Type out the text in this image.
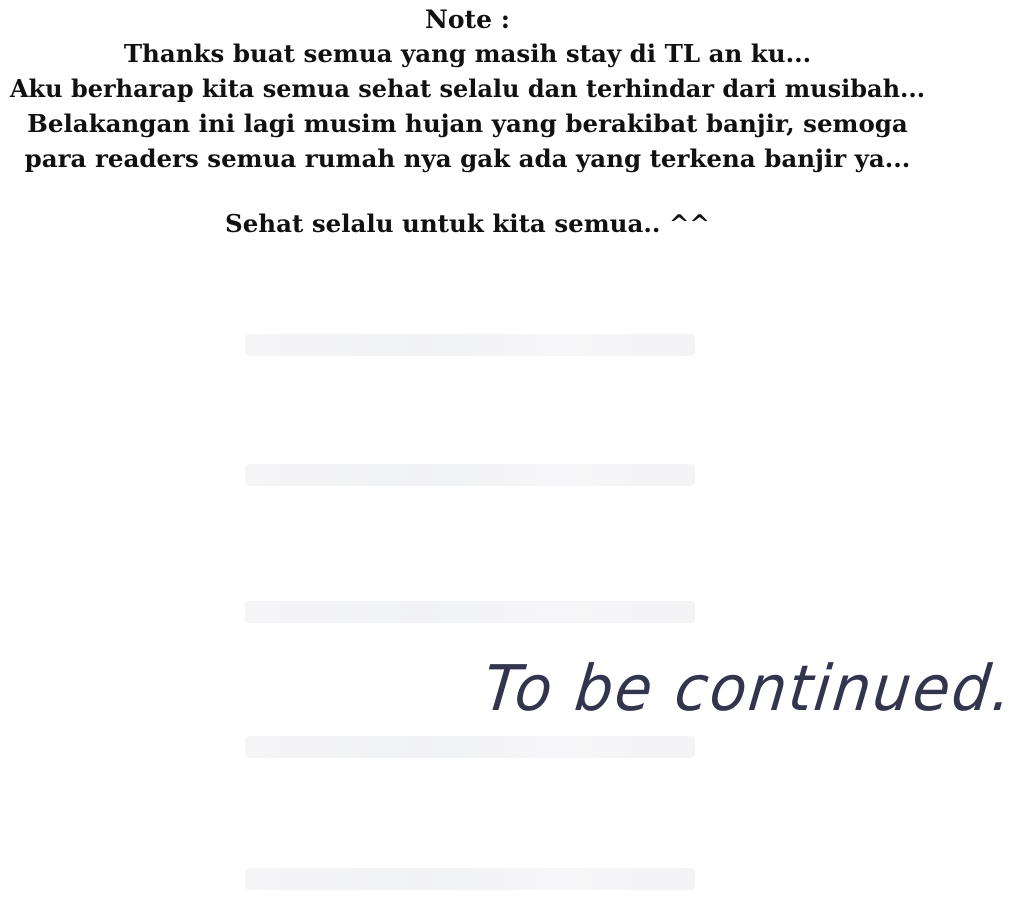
Note :
Thanks buat semua yang masih stay di TL an ku...
Aku berharap kita semua sehat selalu dan terhindar dari musibah...
Belakangan ini lagi musim hujan yang berakibat banjir, semoga
para readers semua rumah nya gak ada yang terkena banjir ya...
Sehat selalu untuk kita semua.. ^^
To be continued.
